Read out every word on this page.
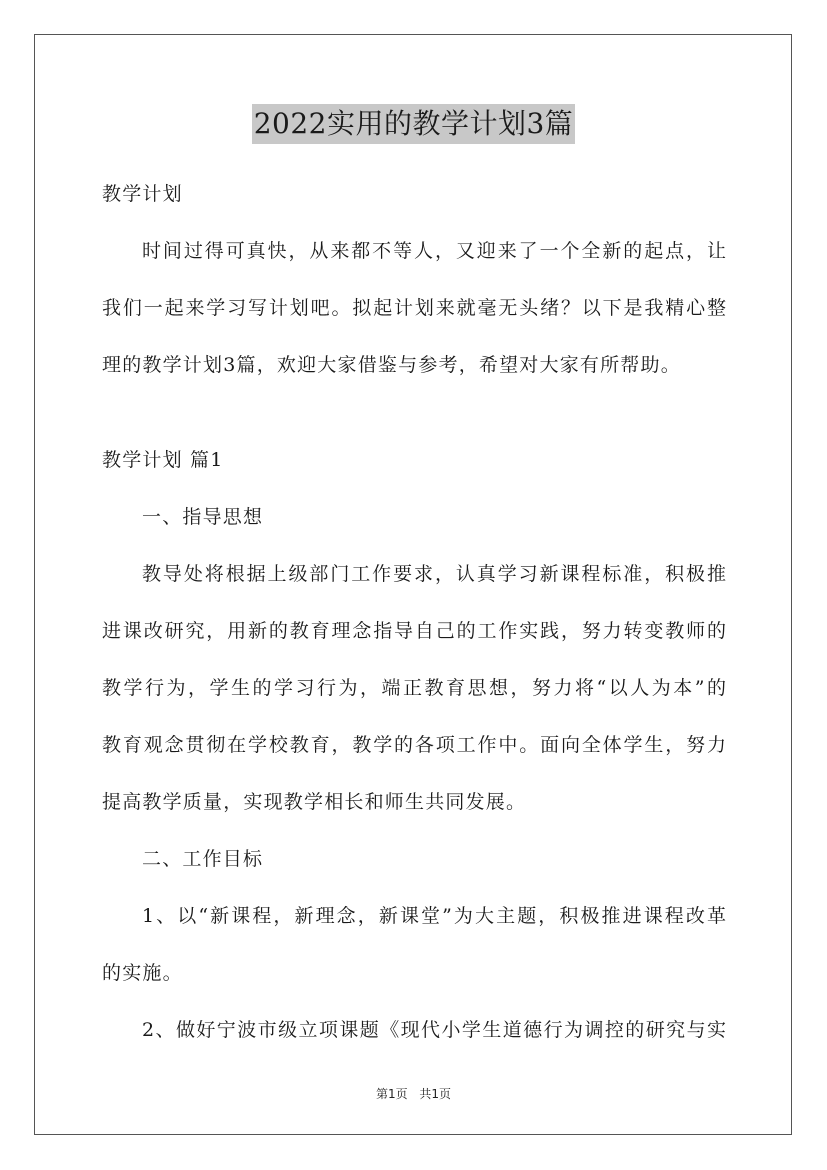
2022实用的教学计划3篇

教学计划

时间过得可真快，从来都不等人，又迎来了一个全新的起点，让

我们一起来学习写计划吧。拟起计划来就毫无头绪？以下是我精心整

理的教学计划3篇，欢迎大家借鉴与参考，希望对大家有所帮助。

教学计划 篇1

一、指导思想

教导处将根据上级部门工作要求，认真学习新课程标准，积极推

进课改研究，用新的教育理念指导自己的工作实践，努力转变教师的

教学行为，学生的学习行为，端正教育思想，努力将“以人为本”的

教育观念贯彻在学校教育，教学的各项工作中。面向全体学生，努力

提高教学质量，实现教学相长和师生共同发展。

二、工作目标

1、以“新课程，新理念，新课堂”为大主题，积极推进课程改革

的实施。

2、做好宁波市级立项课题《现代小学生道德行为调控的研究与实

第1页 共1页
